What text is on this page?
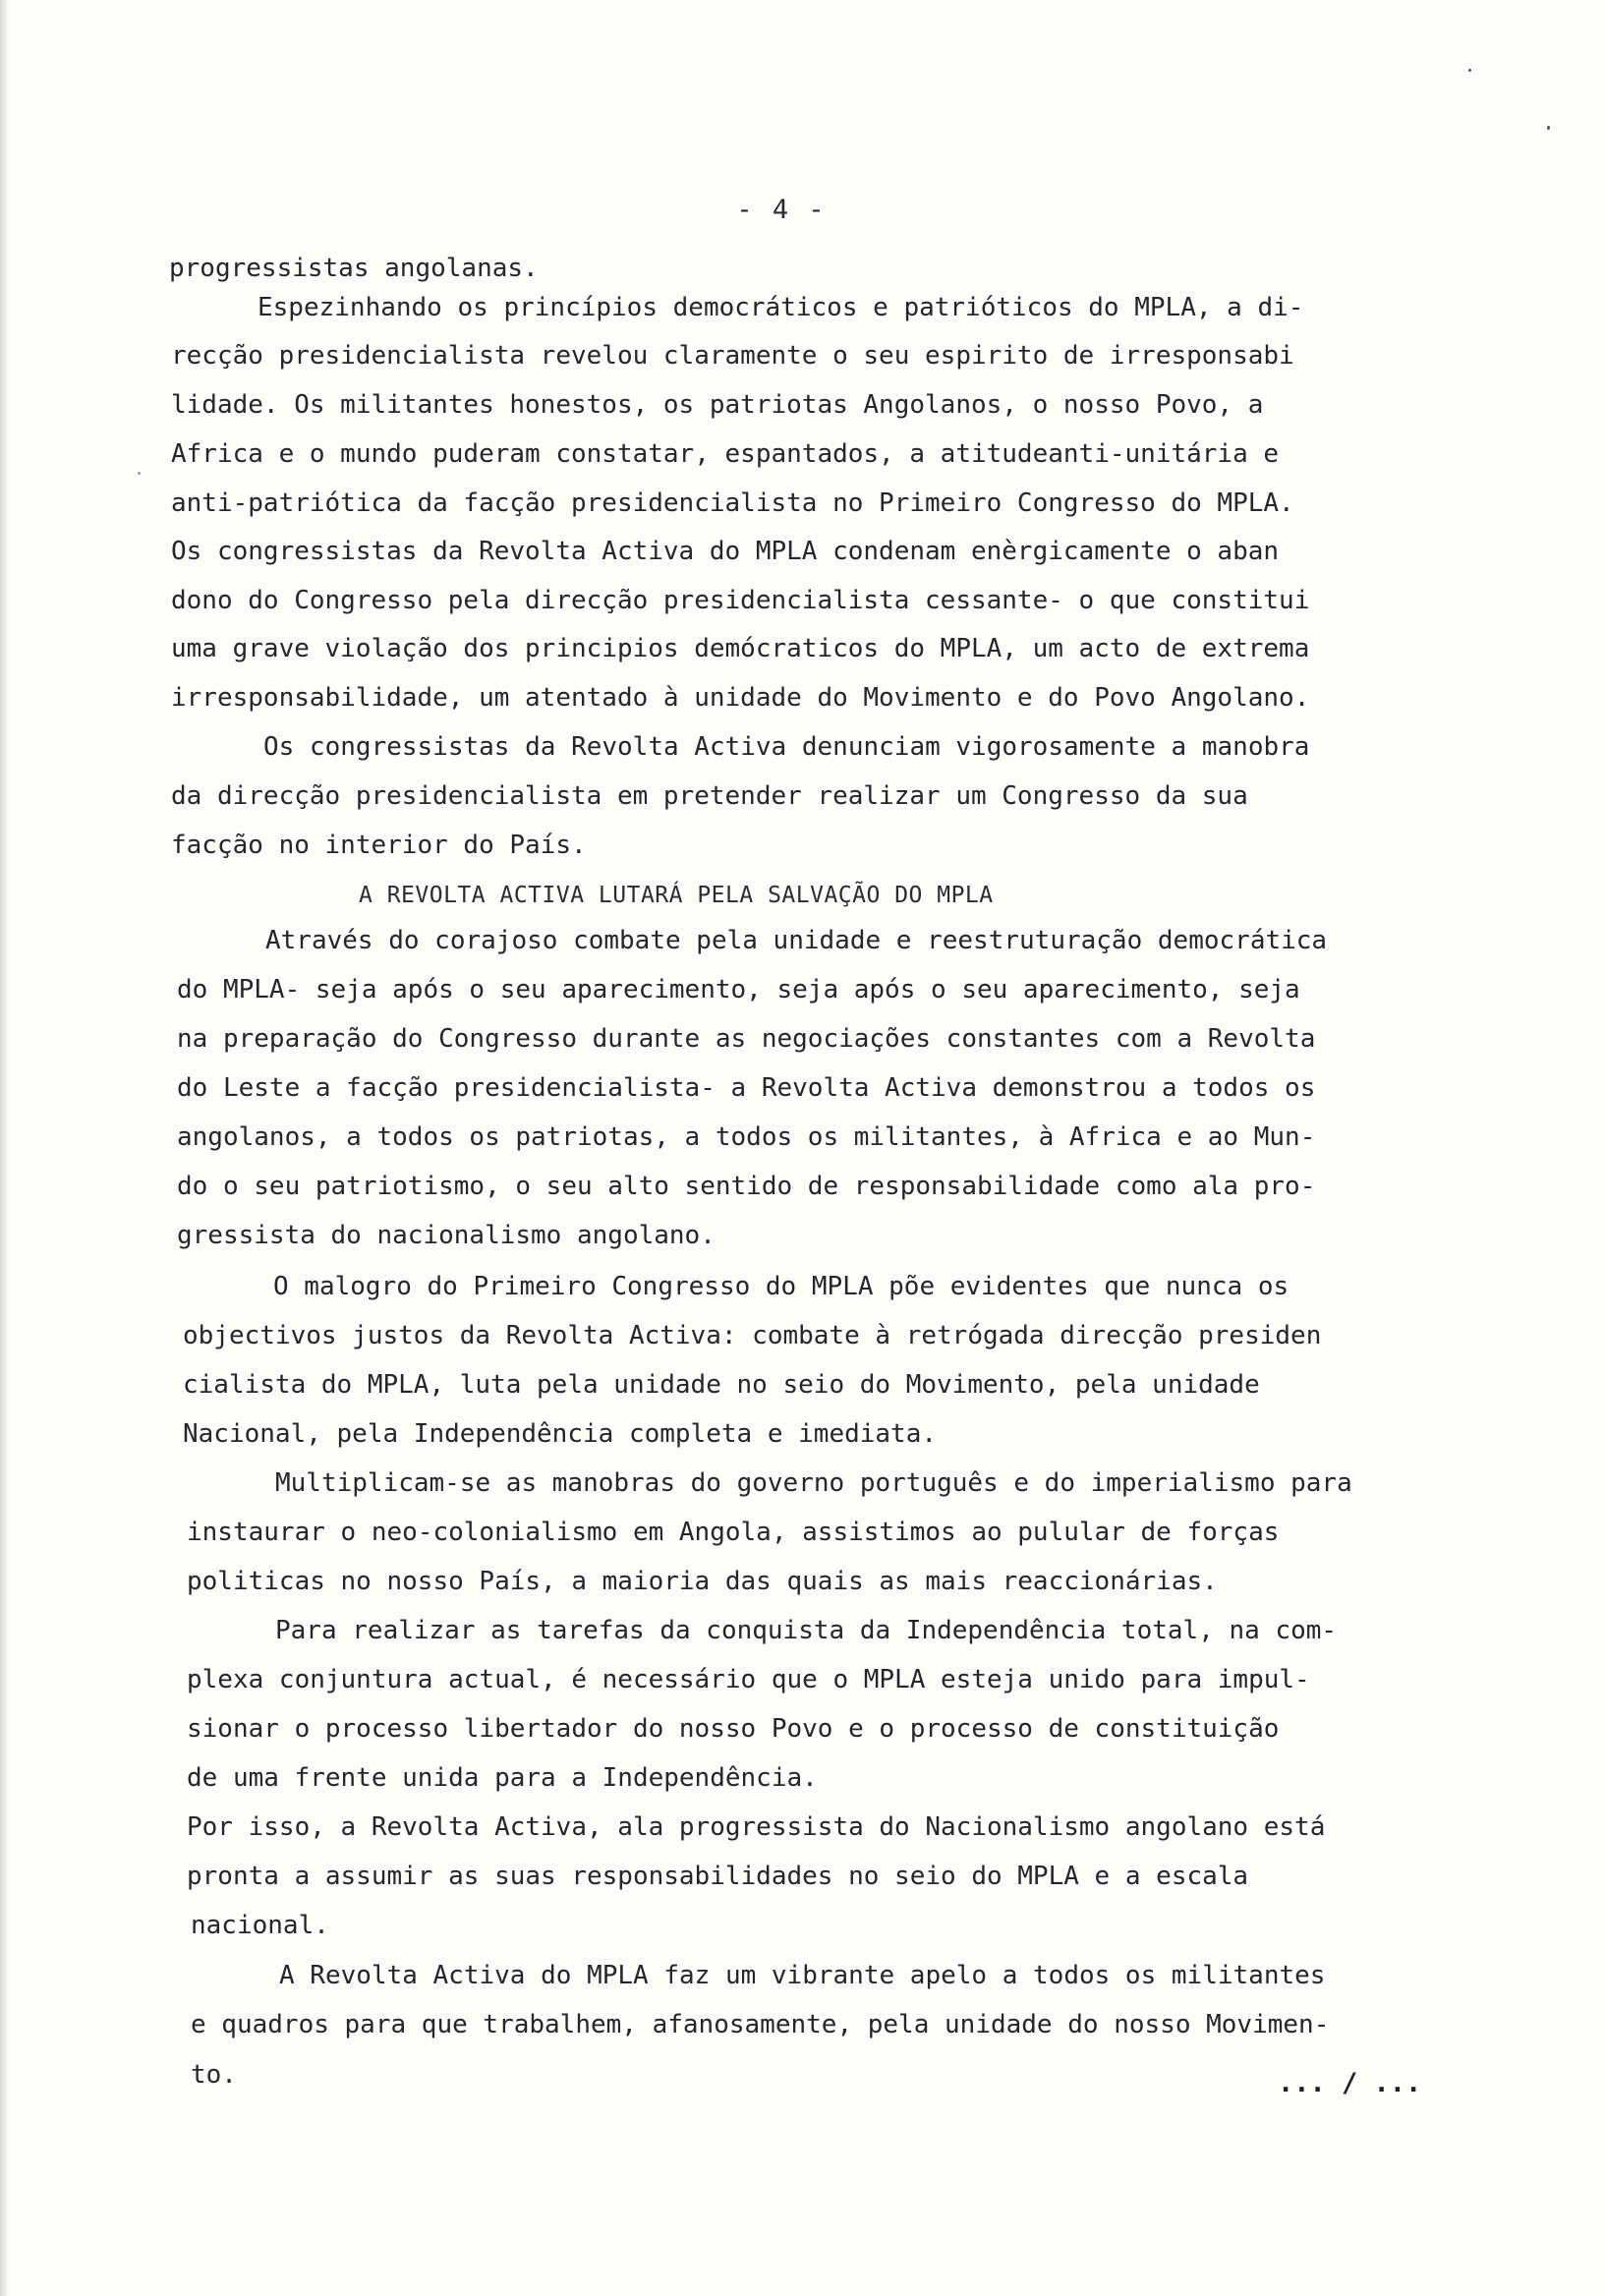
- 4 -
progressistas angolanas.
Espezinhando os princípios democráticos e patrióticos do MPLA, a di-
recção presidencialista revelou claramente o seu espirito de irresponsabi
lidade. Os militantes honestos, os patriotas Angolanos, o nosso Povo, a
Africa e o mundo puderam constatar, espantados, a atitudeanti-unitária e
anti-patriótica da facção presidencialista no Primeiro Congresso do MPLA.
Os congressistas da Revolta Activa do MPLA condenam enèrgicamente o aban
dono do Congresso pela direcção presidencialista cessante- o que constitui
uma grave violação dos principios demócraticos do MPLA, um acto de extrema
irresponsabilidade, um atentado à unidade do Movimento e do Povo Angolano.
Os congressistas da Revolta Activa denunciam vigorosamente a manobra
da direcção presidencialista em pretender realizar um Congresso da sua
facção no interior do País.
A REVOLTA ACTIVA LUTARÁ PELA SALVAÇÃO DO MPLA
Através do corajoso combate pela unidade e reestruturação democrática
do MPLA- seja após o seu aparecimento, seja após o seu aparecimento, seja
na preparação do Congresso durante as negociações constantes com a Revolta
do Leste a facção presidencialista- a Revolta Activa demonstrou a todos os
angolanos, a todos os patriotas, a todos os militantes, à Africa e ao Mun-
do o seu patriotismo, o seu alto sentido de responsabilidade como ala pro-
gressista do nacionalismo angolano.
O malogro do Primeiro Congresso do MPLA põe evidentes que nunca os
objectivos justos da Revolta Activa: combate à retrógada direcção presiden
cialista do MPLA, luta pela unidade no seio do Movimento, pela unidade
Nacional, pela Independência completa e imediata.
Multiplicam-se as manobras do governo português e do imperialismo para
instaurar o neo-colonialismo em Angola, assistimos ao pulular de forças
politicas no nosso País, a maioria das quais as mais reaccionárias.
Para realizar as tarefas da conquista da Independência total, na com-
plexa conjuntura actual, é necessário que o MPLA esteja unido para impul-
sionar o processo libertador do nosso Povo e o processo de constituição
de uma frente unida para a Independência.
Por isso, a Revolta Activa, ala progressista do Nacionalismo angolano está
pronta a assumir as suas responsabilidades no seio do MPLA e a escala
nacional.
A Revolta Activa do MPLA faz um vibrante apelo a todos os militantes
e quadros para que trabalhem, afanosamente, pela unidade do nosso Movimen-
to.	... / ...
